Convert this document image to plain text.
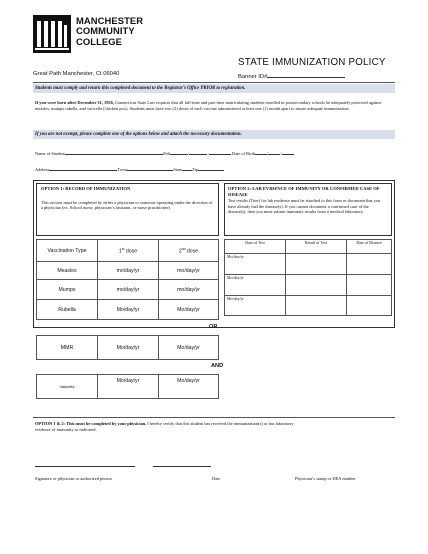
MANCHESTER
COMMUNITY
COLLEGE
STATE IMMUNIZATION POLICY
Great Path Manchester, Ct 06040	Banner ID#
Students must comply and return this completed document to the Registrar’s Office PRIOR to registration.
If you were born after December 31, 1956, Connecticut State Law requires that all full-time and part-time matriculating students enrolled in postsecondary schools be adequately protected against measles, mumps rubella, and varicella (chicken pox). Students must have two (2) doses of each vaccine administered at least one (1) month apart to insure adequate immunization.
If you are not exempt, please complete one of the options below and attach the necessary documentation.
Name of Student	SS#	-	-	Date of Birth	/	/
Address	Town	State Zip
OPTION 1: RECORD OF IMMUNIZATION
This section must be completed by either a physician or someone operating under the direction of a physician (ex. School nurse, physician’s assistant, or nurse practitioner).
Vaccination Type	1st dose	2nd dose
Measles	mo/day/yr	mo/day/yr
Mumps	mo/day/yr	mo/day/yr
Rubella	Mo/day/yr	Mo/day/yr
OPTION 2: LAB EVIDENCE OF IMMUNITY OR CONFIRMED CASE OF DISEASE
Test results (Titer) for lab evidence must be attached to this form or document that you have already had the disease(s). If you cannot document a confirmed case of the disease(s), then you must submit immunity results from a medical laboratory.
Date of Test	Result of Test	Date of Disease
Mo/day/yr		
Mo/day/yr		
Mo/day/yr		
OR
MMR	Mo/day/yr	Mo/day/yr
AND
Varicella	Mo/day/yr	Mo/day/yr
OPTION 1 & 2: This must be completed by your physician. I hereby certify that this student has received the immunization(s) or has laboratory evidence of immunity as indicated.
Signature of physician or authorized person	Date	Physician’s stamp or DEA number
